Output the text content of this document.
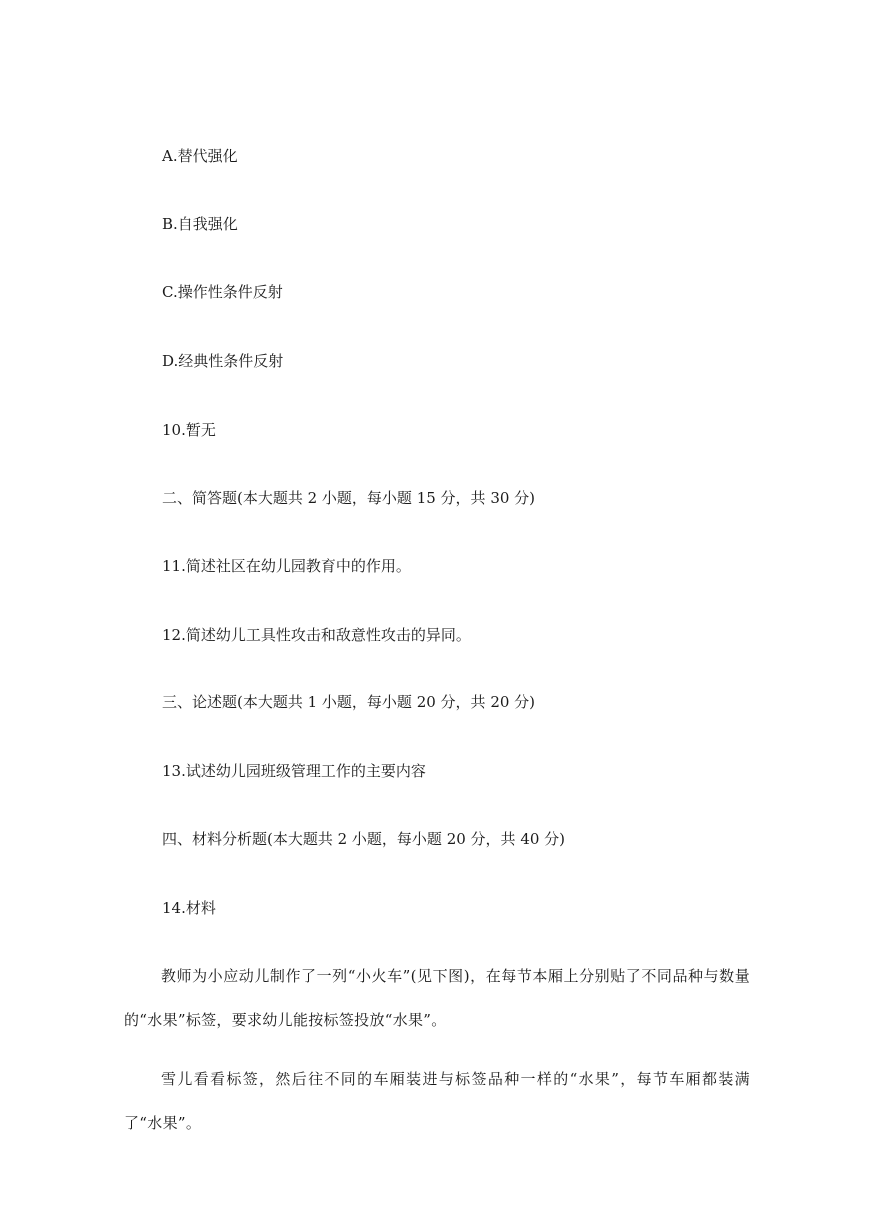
A.替代强化
B.自我强化
C.操作性条件反射
D.经典性条件反射
10.暂无
二、简答题(本大题共 2 小题，每小题 15 分，共 30 分)
11.简述社区在幼儿园教育中的作用。
12.简述幼儿工具性攻击和敌意性攻击的异同。
三、论述题(本大题共 1 小题，每小题 20 分，共 20 分)
13.试述幼儿园班级管理工作的主要内容
四、材料分析题(本大题共 2 小题，每小题 20 分，共 40 分)
14.材料
教师为小应动儿制作了一列“小火车”(见下图)，在每节本厢上分别贴了不同品种与数量的“水果”标签，要求幼儿能按标签投放“水果”。
雪儿看看标签，然后往不同的车厢装进与标签品种一样的“水果”，每节车厢都装满了“水果”。
